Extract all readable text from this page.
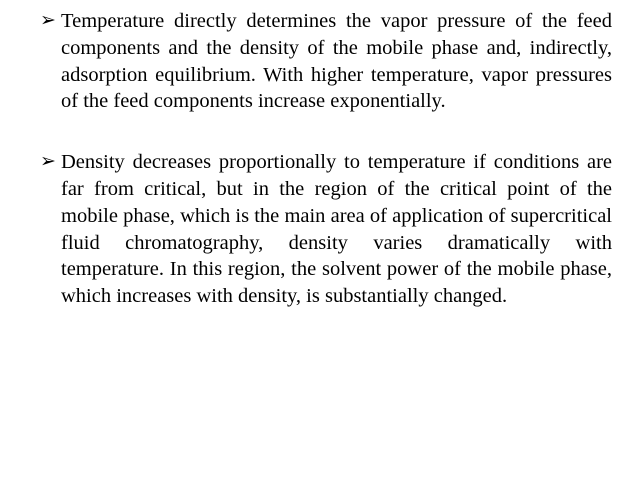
➢ Temperature directly determines the vapor pressure of the feed components and the density of the mobile phase and, indirectly, adsorption equilibrium. With higher temperature, vapor pressures of the feed components increase exponentially.
➢ Density decreases proportionally to temperature if conditions are far from critical, but in the region of the critical point of the mobile phase, which is the main area of application of supercritical fluid chromatography, density varies dramatically with temperature. In this region, the solvent power of the mobile phase, which increases with density, is substantially changed.
